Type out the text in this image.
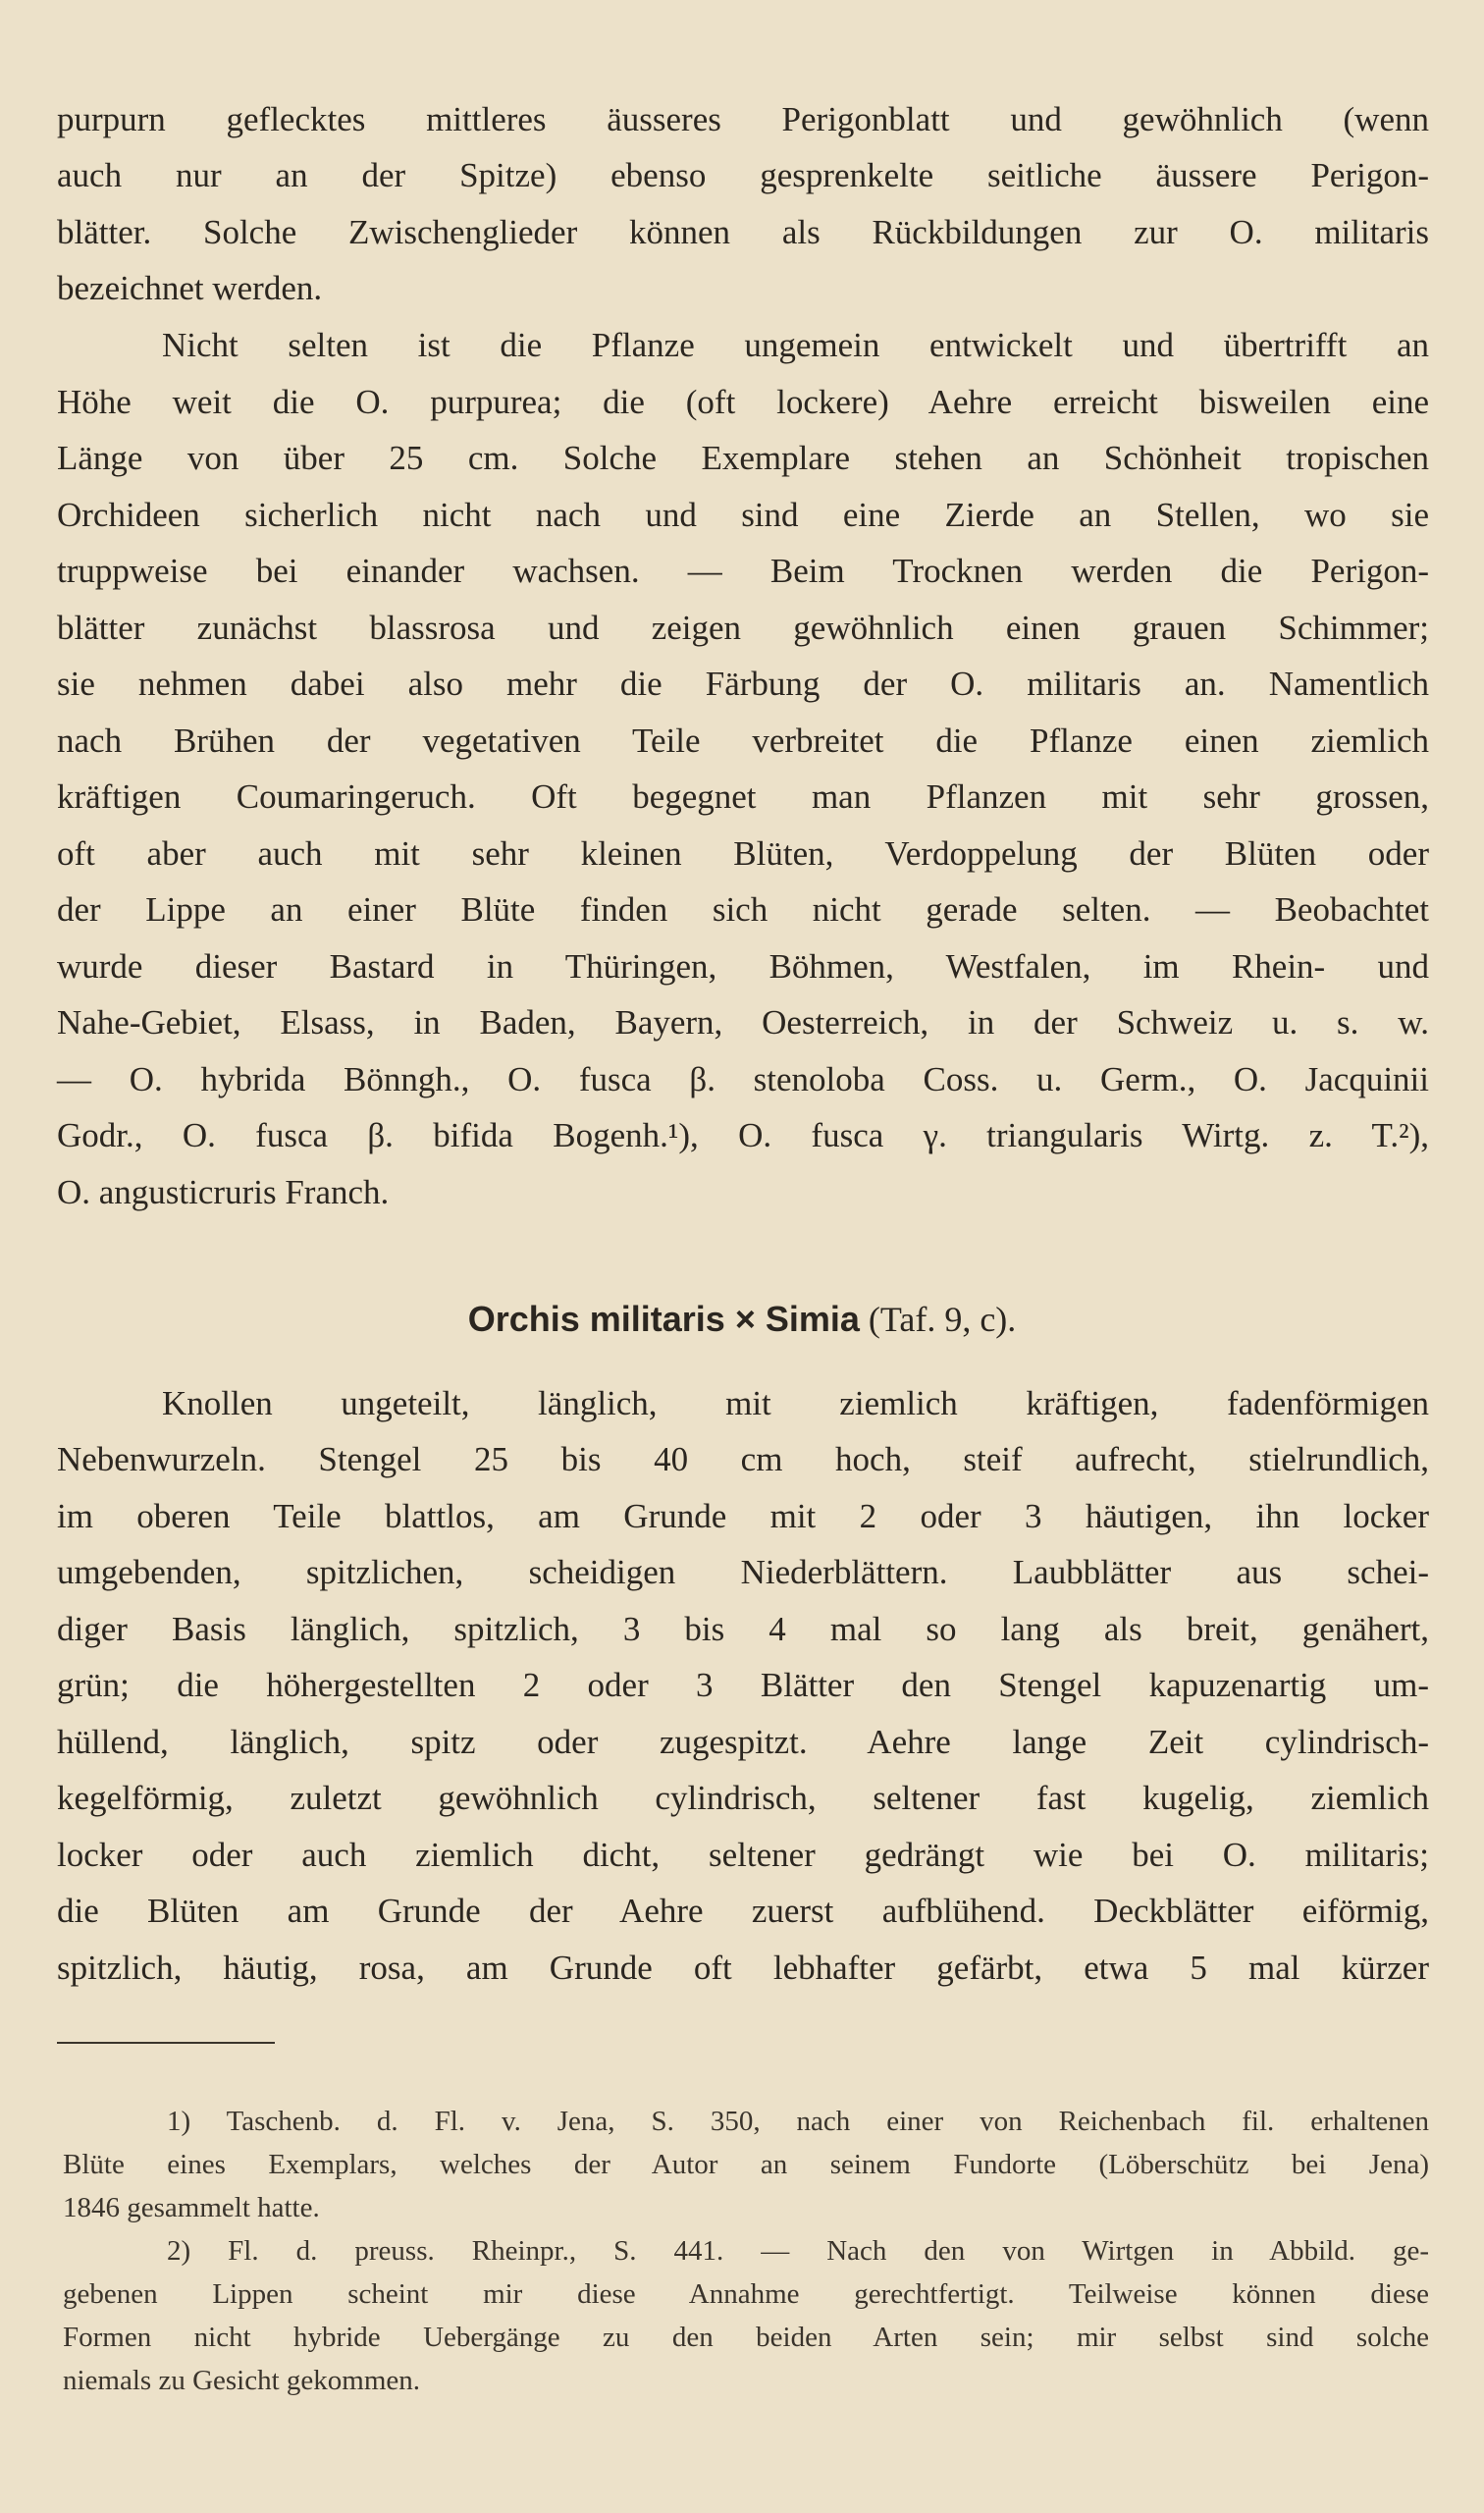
purpurn geflecktes mittleres äusseres Perigonblatt und gewöhnlich (wenn

auch nur an der Spitze) ebenso gesprenkelte seitliche äussere Perigon-

blätter. Solche Zwischenglieder können als Rückbildungen zur O. militaris

bezeichnet werden.

Nicht selten ist die Pflanze ungemein entwickelt und übertrifft an

Höhe weit die O. purpurea; die (oft lockere) Aehre erreicht bisweilen eine

Länge von über 25 cm. Solche Exemplare stehen an Schönheit tropischen

Orchideen sicherlich nicht nach und sind eine Zierde an Stellen, wo sie

truppweise bei einander wachsen. — Beim Trocknen werden die Perigon-

blätter zunächst blassrosa und zeigen gewöhnlich einen grauen Schimmer;

sie nehmen dabei also mehr die Färbung der O. militaris an. Namentlich

nach Brühen der vegetativen Teile verbreitet die Pflanze einen ziemlich

kräftigen Coumaringeruch. Oft begegnet man Pflanzen mit sehr grossen,

oft aber auch mit sehr kleinen Blüten, Verdoppelung der Blüten oder

der Lippe an einer Blüte finden sich nicht gerade selten. — Beobachtet

wurde dieser Bastard in Thüringen, Böhmen, Westfalen, im Rhein- und

Nahe-Gebiet, Elsass, in Baden, Bayern, Oesterreich, in der Schweiz u. s. w.

— O. hybrida Bönngh., O. fusca β. stenoloba Coss. u. Germ., O. Jacquinii

Godr., O. fusca β. bifida Bogenh.¹), O. fusca γ. triangularis Wirtg. z. T.²),

O. angusticruris Franch.

Orchis militaris × Simia (Taf. 9, c).

Knollen ungeteilt, länglich, mit ziemlich kräftigen, fadenförmigen

Nebenwurzeln. Stengel 25 bis 40 cm hoch, steif aufrecht, stielrundlich,

im oberen Teile blattlos, am Grunde mit 2 oder 3 häutigen, ihn locker

umgebenden, spitzlichen, scheidigen Niederblättern. Laubblätter aus schei-

diger Basis länglich, spitzlich, 3 bis 4 mal so lang als breit, genähert,

grün; die höhergestellten 2 oder 3 Blätter den Stengel kapuzenartig um-

hüllend, länglich, spitz oder zugespitzt. Aehre lange Zeit cylindrisch-

kegelförmig, zuletzt gewöhnlich cylindrisch, seltener fast kugelig, ziemlich

locker oder auch ziemlich dicht, seltener gedrängt wie bei O. militaris;

die Blüten am Grunde der Aehre zuerst aufblühend. Deckblätter eiförmig,

spitzlich, häutig, rosa, am Grunde oft lebhafter gefärbt, etwa 5 mal kürzer

1) Taschenb. d. Fl. v. Jena, S. 350, nach einer von Reichenbach fil. erhaltenen

Blüte eines Exemplars, welches der Autor an seinem Fundorte (Löberschütz bei Jena)

1846 gesammelt hatte.

2) Fl. d. preuss. Rheinpr., S. 441. — Nach den von Wirtgen in Abbild. ge-

gebenen Lippen scheint mir diese Annahme gerechtfertigt. Teilweise können diese

Formen nicht hybride Uebergänge zu den beiden Arten sein; mir selbst sind solche

niemals zu Gesicht gekommen.
